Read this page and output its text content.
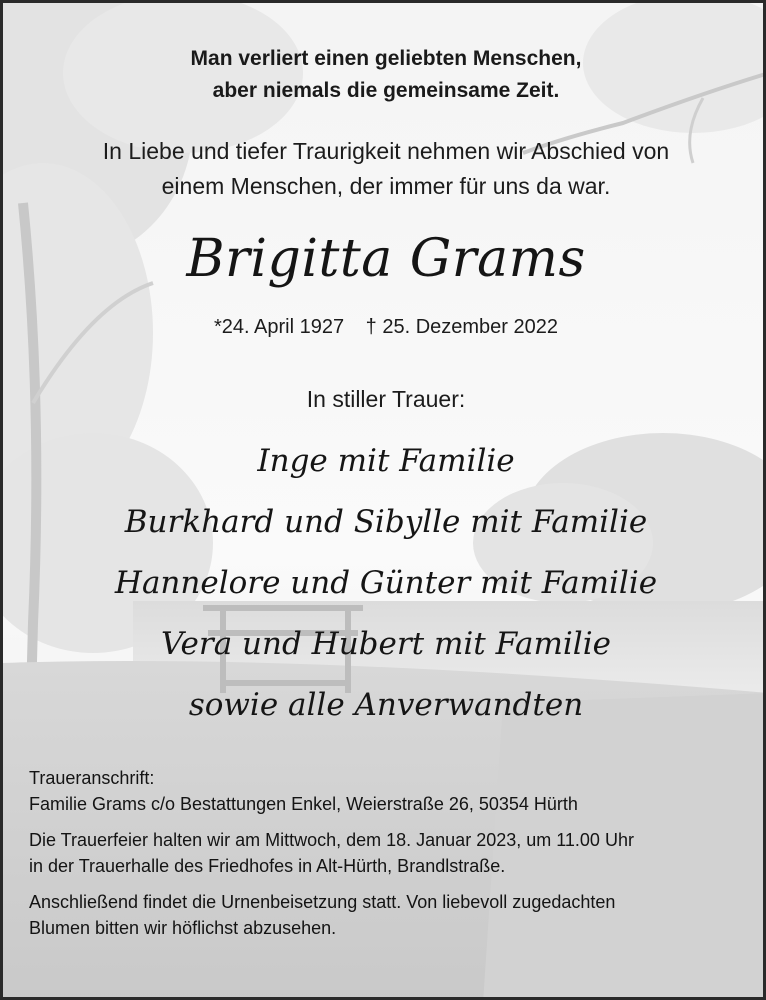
Man verliert einen geliebten Menschen,
aber niemals die gemeinsame Zeit.
In Liebe und tiefer Traurigkeit nehmen wir Abschied von
einem Menschen, der immer für uns da war.
Brigitta Grams
*24. April 1927 † 25. Dezember 2022
In stiller Trauer:
Inge mit Familie
Burkhard und Sibylle mit Familie
Hannelore und Günter mit Familie
Vera und Hubert mit Familie
sowie alle Anverwandten

Traueranschrift:
Familie Grams c/o Bestattungen Enkel, Weierstraße 26, 50354 Hürth

Die Trauerfeier halten wir am Mittwoch, dem 18. Januar 2023, um 11.00 Uhr
in der Trauerhalle des Friedhofes in Alt-Hürth, Brandlstraße.

Anschließend findet die Urnenbeisetzung statt. Von liebevoll zugedachten
Blumen bitten wir höflichst abzusehen.
